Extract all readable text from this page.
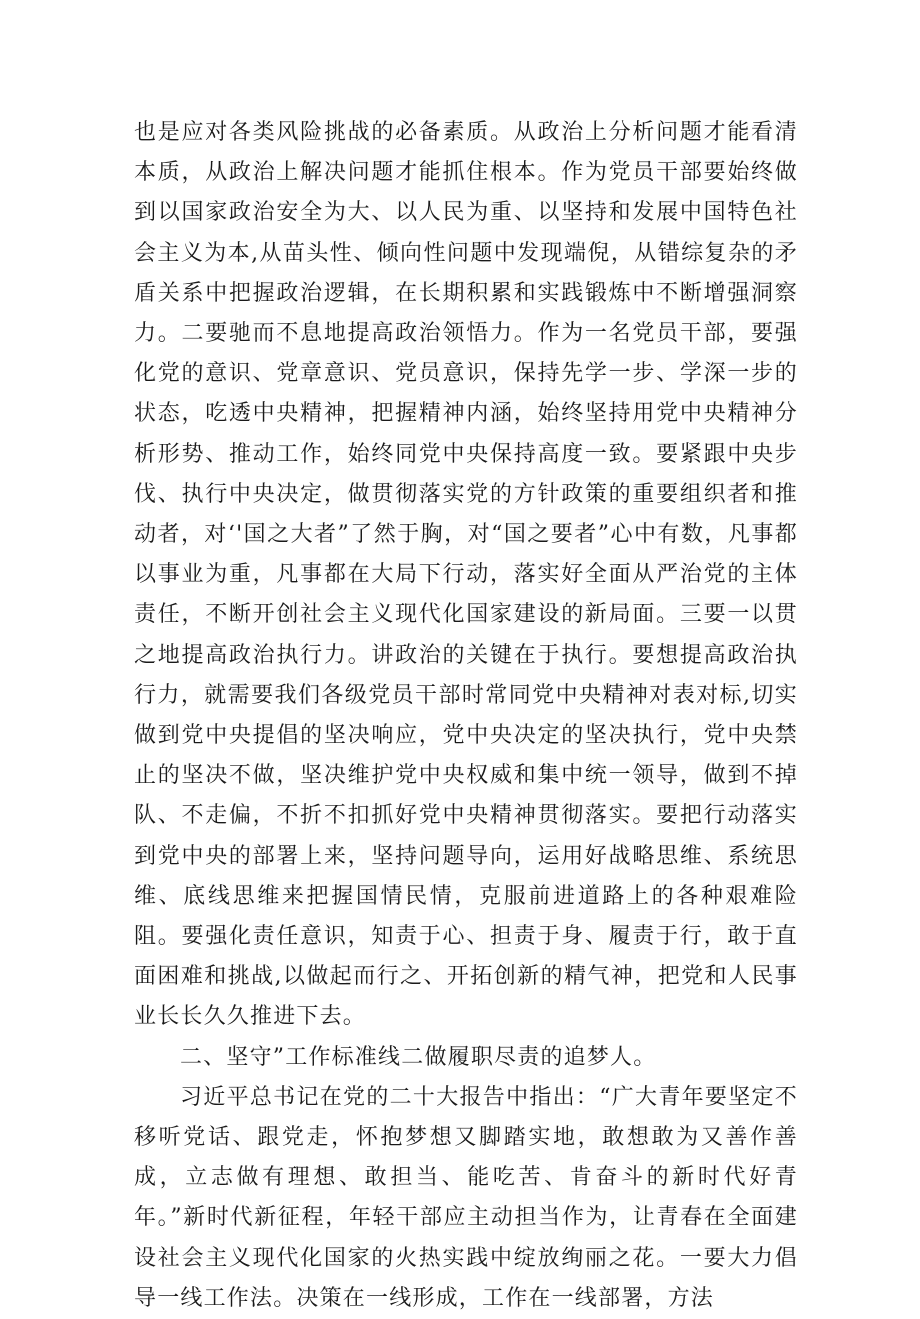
也是应对各类风险挑战的必备素质。从政治上分析问题才能看清本质，从政治上解决问题才能抓住根本。作为党员干部要始终做到以国家政治安全为大、以人民为重、以坚持和发展中国特色社会主义为本,从苗头性、倾向性问题中发现端倪，从错综复杂的矛盾关系中把握政治逻辑，在长期积累和实践锻炼中不断增强洞察力。二要驰而不息地提高政治领悟力。作为一名党员干部，要强化党的意识、党章意识、党员意识，保持先学一步、学深一步的状态，吃透中央精神，把握精神内涵，始终坚持用党中央精神分析形势、推动工作，始终同党中央保持高度一致。要紧跟中央步伐、执行中央决定，做贯彻落实党的方针政策的重要组织者和推动者，对‘'国之大者”了然于胸，对“国之要者”心中有数，凡事都以事业为重，凡事都在大局下行动，落实好全面从严治党的主体责任，不断开创社会主义现代化国家建设的新局面。三要一以贯之地提高政治执行力。讲政治的关键在于执行。要想提高政治执行力，就需要我们各级党员干部时常同党中央精神对表对标,切实做到党中央提倡的坚决响应，党中央决定的坚决执行，党中央禁止的坚决不做，坚决维护党中央权威和集中统一领导，做到不掉队、不走偏，不折不扣抓好党中央精神贯彻落实。要把行动落实到党中央的部署上来，坚持问题导向，运用好战略思维、系统思维、底线思维来把握国情民情，克服前进道路上的各种艰难险阻。要强化责任意识，知责于心、担责于身、履责于行，敢于直面困难和挑战,以做起而行之、开拓创新的精气神，把党和人民事业长长久久推进下去。

二、坚守”工作标准线二做履职尽责的追梦人。

习近平总书记在党的二十大报告中指出：“广大青年要坚定不移听党话、跟党走，怀抱梦想又脚踏实地，敢想敢为又善作善成，立志做有理想、敢担当、能吃苦、肯奋斗的新时代好青年。”新时代新征程，年轻干部应主动担当作为，让青春在全面建设社会主义现代化国家的火热实践中绽放绚丽之花。一要大力倡导一线工作法。决策在一线形成，工作在一线部署，方法
